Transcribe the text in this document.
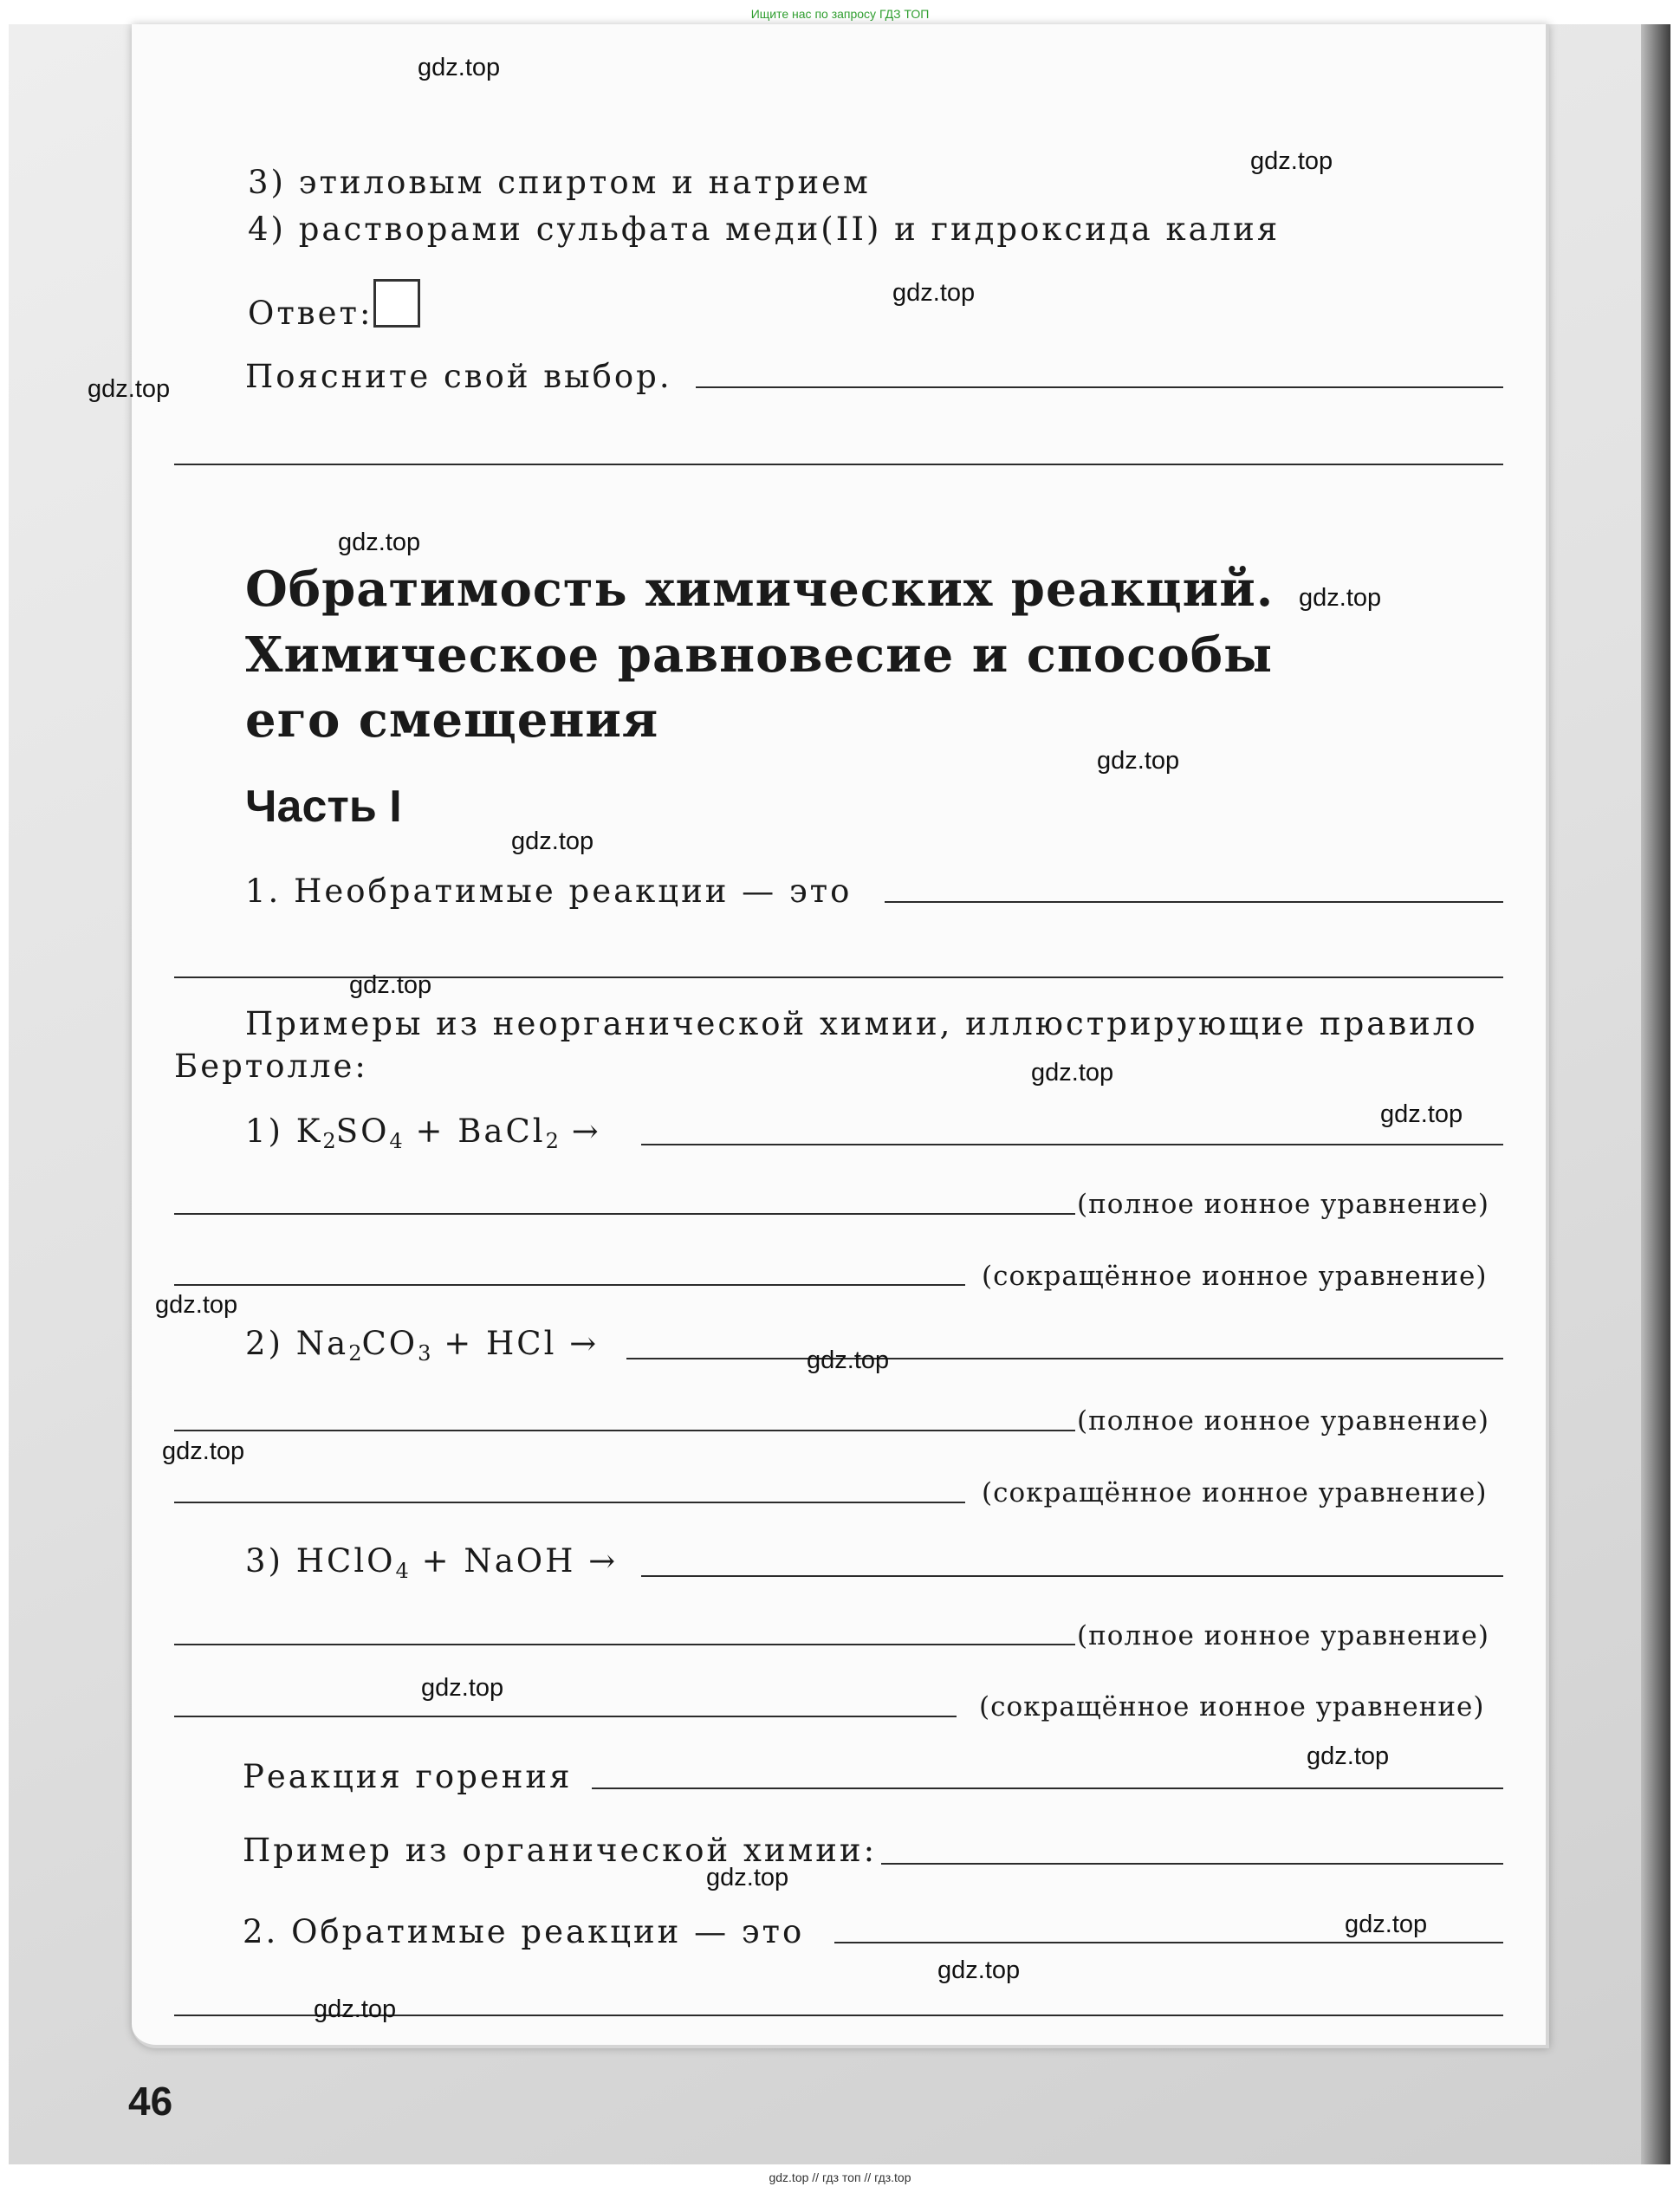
Ищите нас по запросу ГДЗ ТОП
3) этиловым спиртом и натрием
4) растворами сульфата меди(II) и гидроксида калия
Ответ:
Поясните свой выбор.
Обратимость химических реакций.
Химическое равновесие и способы
его смещения
Часть I
1. Необратимые реакции — это
Примеры из неорганической химии, иллюстрирующие правило
Бертолле:
1) $K_2SO_4$ + BaCl$_2$ →
(полное ионное уравнение)
(сокращённое ионное уравнение)
2) $Na_2CO_3$ + HCl →
(полное ионное уравнение)
(сокращённое ионное уравнение)
3) HClO$_4$ + NaOH →
(полное ионное уравнение)
(сокращённое ионное уравнение)
Реакция горения
Пример из органической химии:
2. Обратимые реакции — это
46
gdz.top
gdz.top
gdz.top
gdz.top
gdz.top
gdz.top
gdz.top
gdz.top
gdz.top
gdz.top
gdz.top
gdz.top
gdz.top
gdz.top
gdz.top
gdz.top
gdz.top
gdz.top
gdz.top
gdz.top
gdz.top // гдз топ // гдз.top
